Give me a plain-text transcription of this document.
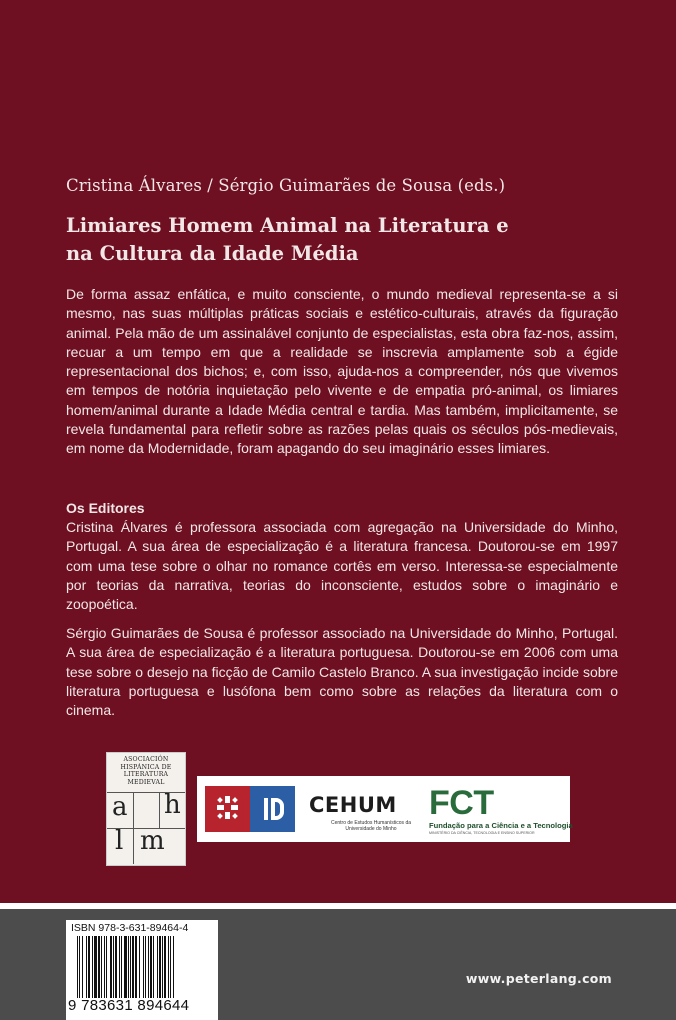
Cristina Álvares / Sérgio Guimarães de Sousa (eds.)
Limiares Homem Animal na Literatura e
na Cultura da Idade Média
De forma assaz enfática, e muito consciente, o mundo medieval representa-se a si mesmo, nas suas múltiplas práticas sociais e estético-culturais, através da figuração animal. Pela mão de um assinalável conjunto de especialistas, esta obra faz-nos, assim, recuar a um tempo em que a realidade se inscrevia amplamente sob a égide representacional dos bichos; e, com isso, ajuda-nos a compreender, nós que vivemos em tempos de notória inquietação pelo vivente e de empatia pró-animal, os limiares homem/animal durante a Idade Média central e tardia. Mas também, implicitamente, se revela fundamental para refletir sobre as razões pelas quais os séculos pós-medievais, em nome da Modernidade, foram apagando do seu imaginário esses limiares.
Os Editores
Cristina Álvares é professora associada com agregação na Universidade do Minho, Portugal. A sua área de especialização é a literatura francesa. Doutorou-se em 1997 com uma tese sobre o olhar no romance cortês em verso. Interessa-se especialmente por teorias da narrativa, teorias do inconsciente, estudos sobre o imaginário e zoopoética.
Sérgio Guimarães de Sousa é professor associado na Universidade do Minho, Portugal. A sua área de especialização é a literatura portuguesa. Doutorou-se em 2006 com uma tese sobre o desejo na ficção de Camilo Castelo Branco. A sua investigação incide sobre literatura portuguesa e lusófona bem como sobre as relações da literatura com o cinema.
ASOCIACIÓN
HISPÁNICA DE
LITERATURA
MEDIEVAL
a h
l m
CEHUM
Centro de Estudos Humanísticos da Universidade do Minho
FCT
Fundação para a Ciência e a Tecnologia
MINISTÉRIO DA CIÊNCIA, TECNOLOGIA E ENSINO SUPERIOR
ISBN 978-3-631-89464-4
9 783631 894644
www.peterlang.com
